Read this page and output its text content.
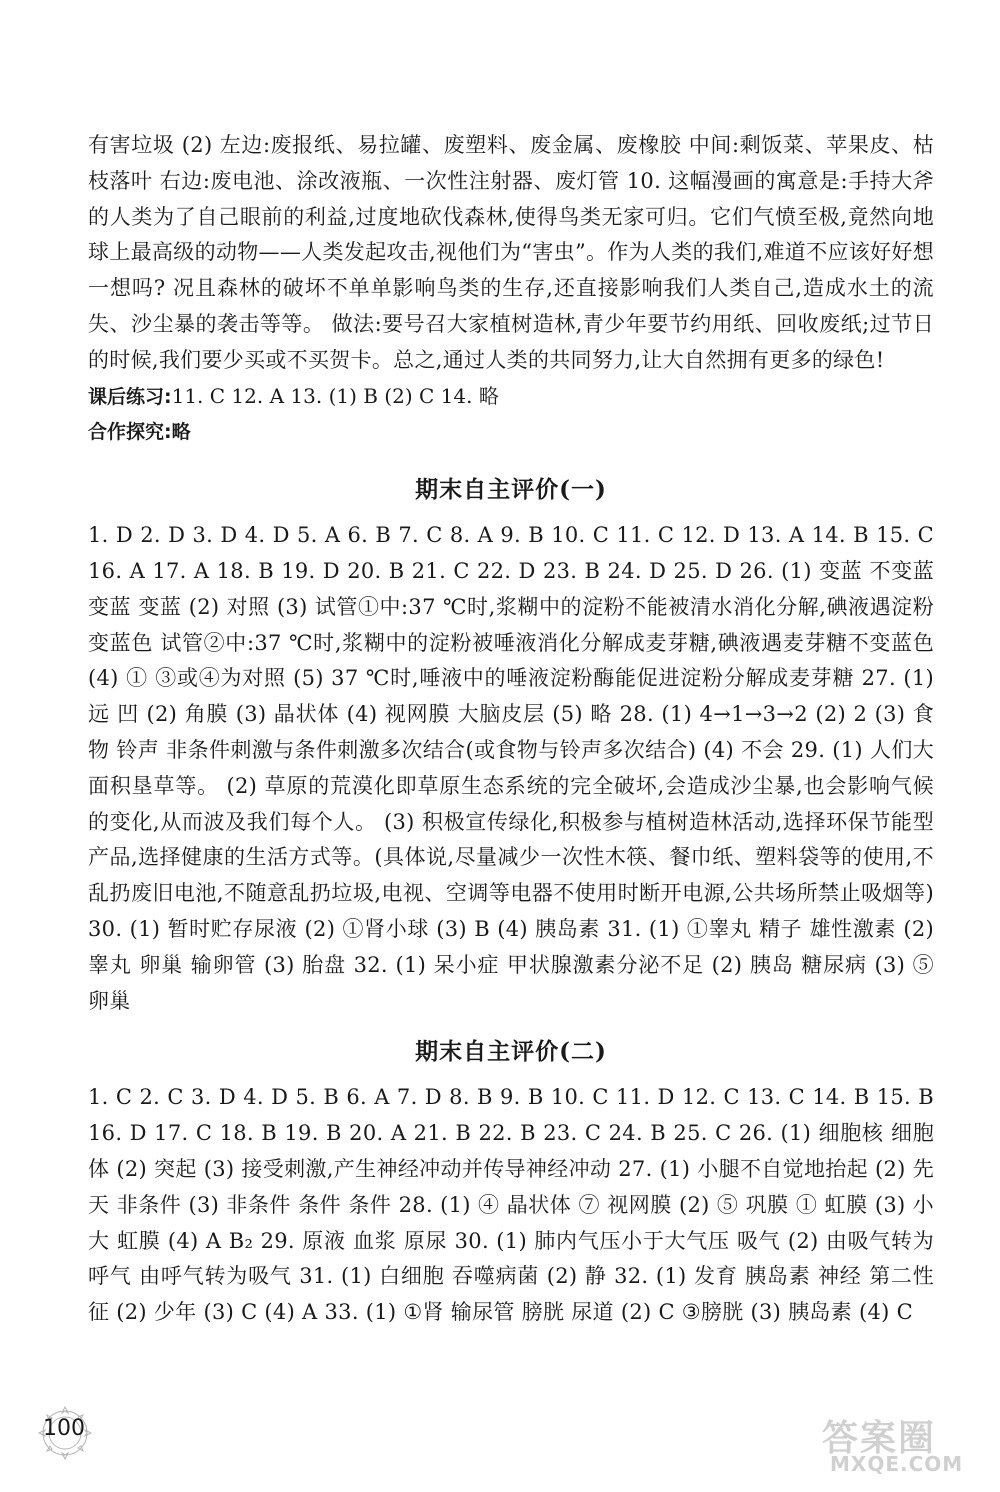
有害垃圾 (2) 左边:废报纸、易拉罐、废塑料、废金属、废橡胶 中间:剩饭菜、苹果皮、枯枝落叶 右边:废电池、涂改液瓶、一次性注射器、废灯管 10. 这幅漫画的寓意是:手持大斧的人类为了自己眼前的利益,过度地砍伐森林,使得鸟类无家可归。它们气愤至极,竟然向地球上最高级的动物——人类发起攻击,视他们为“害虫”。作为人类的我们,难道不应该好好想一想吗? 况且森林的破坏不单单影响鸟类的生存,还直接影响我们人类自己,造成水土的流失、沙尘暴的袭击等等。 做法:要号召大家植树造林,青少年要节约用纸、回收废纸;过节日的时候,我们要少买或不买贺卡。总之,通过人类的共同努力,让大自然拥有更多的绿色!

课后练习:11. C 12. A 13. (1) B (2) C 14. 略

合作探究:略

期末自主评价(一)

1. D 2. D 3. D 4. D 5. A 6. B 7. C 8. A 9. B 10. C 11. C 12. D 13. A 14. B 15. C 16. A 17. A 18. B 19. D 20. B 21. C 22. D 23. B 24. D 25. D 26. (1) 变蓝 不变蓝 变蓝 变蓝 (2) 对照 (3) 试管①中:37 ℃时,浆糊中的淀粉不能被清水消化分解,碘液遇淀粉变蓝色 试管②中:37 ℃时,浆糊中的淀粉被唾液消化分解成麦芽糖,碘液遇麦芽糖不变蓝色 (4) ① ③或④为对照 (5) 37 ℃时,唾液中的唾液淀粉酶能促进淀粉分解成麦芽糖 27. (1) 远 凹 (2) 角膜 (3) 晶状体 (4) 视网膜 大脑皮层 (5) 略 28. (1) 4→1→3→2 (2) 2 (3) 食物 铃声 非条件刺激与条件刺激多次结合(或食物与铃声多次结合) (4) 不会 29. (1) 人们大面积垦草等。 (2) 草原的荒漠化即草原生态系统的完全破坏,会造成沙尘暴,也会影响气候的变化,从而波及我们每个人。 (3) 积极宣传绿化,积极参与植树造林活动,选择环保节能型产品,选择健康的生活方式等。(具体说,尽量减少一次性木筷、餐巾纸、塑料袋等的使用,不乱扔废旧电池,不随意乱扔垃圾,电视、空调等电器不使用时断开电源,公共场所禁止吸烟等) 30. (1) 暂时贮存尿液 (2) ①肾小球 (3) B (4) 胰岛素 31. (1) ①睾丸 精子 雄性激素 (2) 睾丸 卵巢 输卵管 (3) 胎盘 32. (1) 呆小症 甲状腺激素分泌不足 (2) 胰岛 糖尿病 (3) ⑤ 卵巢

期末自主评价(二)

1. C 2. C 3. D 4. D 5. B 6. A 7. D 8. B 9. B 10. C 11. D 12. C 13. C 14. B 15. B 16. D 17. C 18. B 19. B 20. A 21. B 22. B 23. C 24. B 25. C 26. (1) 细胞核 细胞体 (2) 突起 (3) 接受刺激,产生神经冲动并传导神经冲动 27. (1) 小腿不自觉地抬起 (2) 先天 非条件 (3) 非条件 条件 条件 28. (1) ④ 晶状体 ⑦ 视网膜 (2) ⑤ 巩膜 ① 虹膜 (3) 小 大 虹膜 (4) A B₂ 29. 原液 血浆 原尿 30. (1) 肺内气压小于大气压 吸气 (2) 由吸气转为呼气 由呼气转为吸气 31. (1) 白细胞 吞噬病菌 (2) 静 32. (1) 发育 胰岛素 神经 第二性征 (2) 少年 (3) C (4) A 33. (1) ①肾 输尿管 膀胱 尿道 (2) C ③膀胱 (3) 胰岛素 (4) C

100	答案圈
MXQE.COM
